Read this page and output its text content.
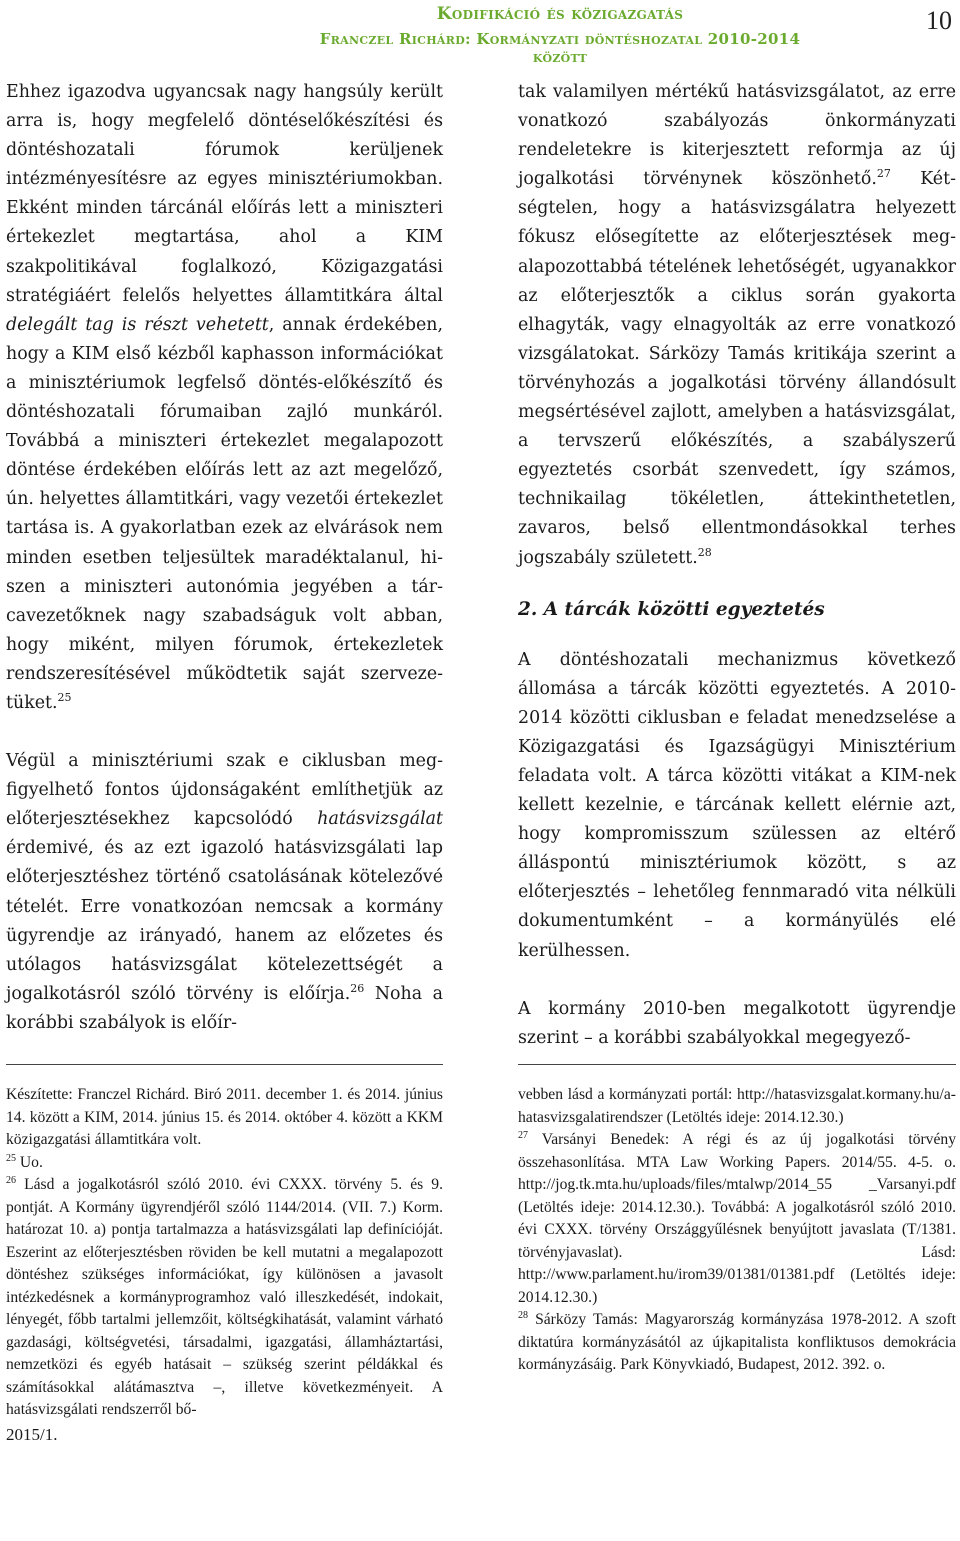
Kodifikáció és közigazgatás
Franczel Richárd: Kormányzati döntéshozatal 2010-2014 között
10

Ehhez igazodva ugyancsak nagy hangsúly került arra is, hogy megfelelő döntéselőkészítési és döntéshozatali fórumok kerüljenek intézményesítésre az egyes minisztériumokban. Ekként minden tárcánál előírás lett a miniszteri értekezlet megtartása, ahol a KIM szakpolitikával foglalkozó, Közigazgatási stratégiáért felelős helyettes államtitkára által delegált tag is részt vehetett, annak érdekében, hogy a KIM első kézből kaphasson információkat a minisztériumok legfelső döntés-előkészítő és döntéshozatali fórumaiban zajló munkáról. Továbbá a miniszteri értekezlet megalapozott döntése érdekében előírás lett az azt megelőző, ún. helyettes államtitkári, vagy vezetői értekezlet tartása is. A gyakorlatban ezek az elvárások nem minden esetben teljesültek maradéktalanul, hiszen a miniszteri autonómia jegyében a tárcavezetőknek nagy szabadságuk volt abban, hogy miként, milyen fórumok, értekezletek rendszeresítésével működtetik saját szervezetüket.$^{25}$

Végül a minisztériumi szak e ciklusban megfigyelhető fontos újdonságaként említhetjük az előterjesztésekhez kapcsolódó hatásvizsgálat érdemivé, és az ezt igazoló hatásvizsgálati lap előterjesztéshez történő csatolásának kötelezővé tételét. Erre vonatkozóan nemcsak a kormány ügyrendje az irányadó, hanem az előzetes és utólagos hatásvizsgálat kötelezettségét a jogalkotásról szóló törvény is előírja.$^{26}$ Noha a korábbi szabályok is előír-

tak valamilyen mértékű hatásvizsgálatot, az erre vonatkozó szabályozás önkormányzati rendeletekre is kiterjesztett reformja az új jogalkotási törvénynek köszönhető.$^{27}$ Kétségtelen, hogy a hatásvizsgálatra helyezett fókusz elősegítette az előterjesztések megalapozottabbá tételének lehetőségét, ugyanakkor az előterjesztők a ciklus során gyakorta elhagyták, vagy elnagyolták az erre vonatkozó vizsgálatokat. Sárközy Tamás kritikája szerint a törvényhozás a jogalkotási törvény állandósult megsértésével zajlott, amelyben a hatásvizsgálat, a tervszerű előkészítés, a szabályszerű egyeztetés csorbát szenvedett, így számos, technikailag tökéletlen, áttekinthetetlen, zavaros, belső ellentmondásokkal terhes jogszabály született.$^{28}$

2. A tárcák közötti egyeztetés

A döntéshozatali mechanizmus következő állomása a tárcák közötti egyeztetés. A 2010-2014 közötti ciklusban e feladat menedzselése a Közigazgatási és Igazságügyi Minisztérium feladata volt. A tárca közötti vitákat a KIM-nek kellett kezelnie, e tárcának kellett elérnie azt, hogy kompromisszum szülessen az eltérő álláspontú minisztériumok között, s az előterjesztés – lehetőleg fennmaradó vita nélküli dokumentumként – a kormányülés elé kerülhessen.

A kormány 2010-ben megalkotott ügyrendje szerint – a korábbi szabályokkal megegyező-

Készítette: Franczel Richárd. Biró 2011. december 1. és 2014. június 14. között a KIM, 2014. június 15. és 2014. október 4. között a KKM közigazgatási államtitkára volt.

$^{25}$ Uo.

$^{26}$ Lásd a jogalkotásról szóló 2010. évi CXXX. törvény 5. és 9. pontját. A Kormány ügyrendjéről szóló 1144/2014. (VII. 7.) Korm. határozat 10. a) pontja tartalmazza a hatásvizsgálati lap definícióját. Eszerint az előterjesztésben röviden be kell mutatni a megalapozott döntéshez szükséges információkat, így különösen a javasolt intézkedésnek a kormányprogramhoz való illeszkedését, indokait, lényegét, főbb tartalmi jellemzőit, költségkihatását, valamint várható gazdasági, költségvetési, társadalmi, igazgatási, államháztartási, nemzetközi és egyéb hatásait – szükség szerint példákkal és számításokkal alátámasztva –, illetve következményeit. A hatásvizsgálati rendszerről bő-

2015/1.

vebben lásd a kormányzati portál: http://hatasvizsgalat.kormany.hu/a-hatasvizsgalatirendszer (Letöltés ideje: 2014.12.30.)

$^{27}$ Varsányi Benedek: A régi és az új jogalkotási törvény összehasonlítása. MTA Law Working Papers. 2014/55. 4-5. o. http://jog.tk.mta.hu/uploads/files/mtalwp/2014_55 _Varsanyi.pdf (Letöltés ideje: 2014.12.30.). Továbbá: A jogalkotásról szóló 2010. évi CXXX. törvény Országgyűlésnek benyújtott javaslata (T/1381. törvényjavaslat). Lásd: http://www.parlament.hu/irom39/01381/01381.pdf (Letöltés ideje: 2014.12.30.)

$^{28}$ Sárközy Tamás: Magyarország kormányzása 1978-2012. A szoft diktatúra kormányzásától az újkapitalista konfliktusos demokrácia kormányzásáig. Park Könyvkiadó, Budapest, 2012. 392. o.
